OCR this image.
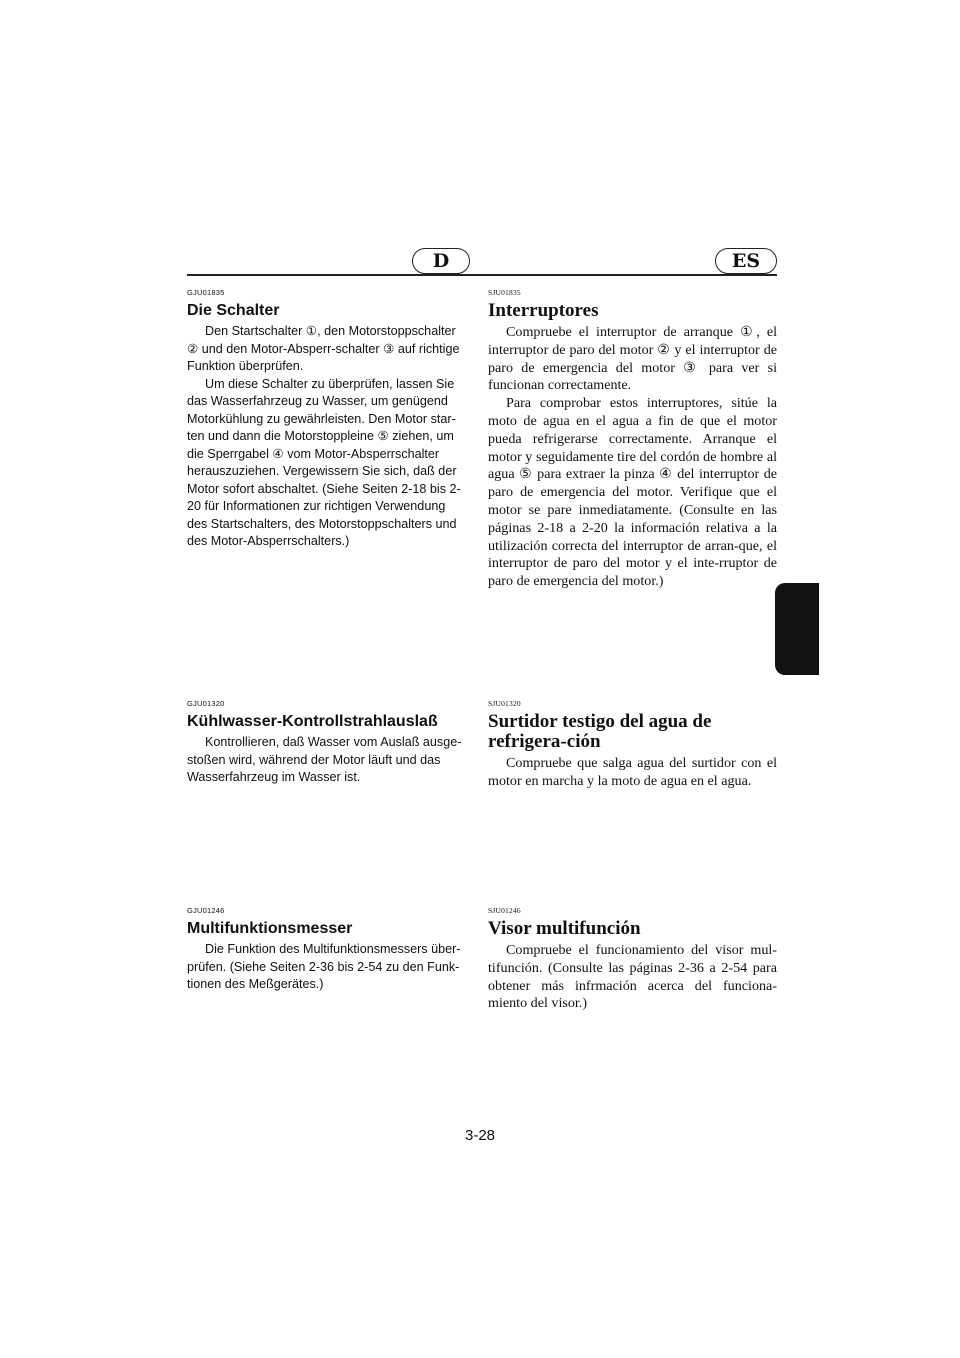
D	ES
GJU01835
Die Schalter

Den Startschalter ①, den Motorstoppschalter ② und den Motor-Absperr-schalter ③ auf richtige Funktion überprüfen.

Um diese Schalter zu überprüfen, lassen Sie das Wasserfahrzeug zu Wasser, um genügend Motorkühlung zu gewährleisten. Den Motor star-ten und dann die Motorstoppleine ⑤ ziehen, um die Sperrgabel ④ vom Motor-Absperrschalter herauszuziehen. Vergewissern Sie sich, daß der Motor sofort abschaltet. (Siehe Seiten 2-18 bis 2-20 für Informationen zur richtigen Verwendung des Startschalters, des Motorstoppschalters und des Motor-Absperrschalters.)

SJU01835
Interruptores

Compruebe el interruptor de arranque ①, el interruptor de paro del motor ② y el interruptor de paro de emergencia del motor ③ para ver si funcionan correctamente.

Para comprobar estos interruptores, sitúe la moto de agua en el agua a fin de que el motor pueda refrigerarse correctamente. Arranque el motor y seguidamente tire del cordón de hombre al agua ⑤ para extraer la pinza ④ del interruptor de paro de emergencia del motor. Verifique que el motor se pare inmediatamente. (Consulte en las páginas 2-18 a 2-20 la información relativa a la utilización correcta del interruptor de arran-que, el interruptor de paro del motor y el inte-rruptor de paro de emergencia del motor.)

GJU01320
Kühlwasser-Kontrollstrahlauslaß

Kontrollieren, daß Wasser vom Auslaß ausge-stoßen wird, während der Motor läuft und das Wasserfahrzeug im Wasser ist.

SJU01320
Surtidor testigo del agua de refrigera-ción

Compruebe que salga agua del surtidor con el motor en marcha y la moto de agua en el agua.

GJU01246
Multifunktionsmesser

Die Funktion des Multifunktionsmessers über-prüfen. (Siehe Seiten 2-36 bis 2-54 zu den Funk-tionen des Meßgerätes.)

SJU01246
Visor multifunción

Compruebe el funcionamiento del visor mul-tifunción. (Consulte las páginas 2-36 a 2-54 para obtener más infrmación acerca del funciona-miento del visor.)

3-28
